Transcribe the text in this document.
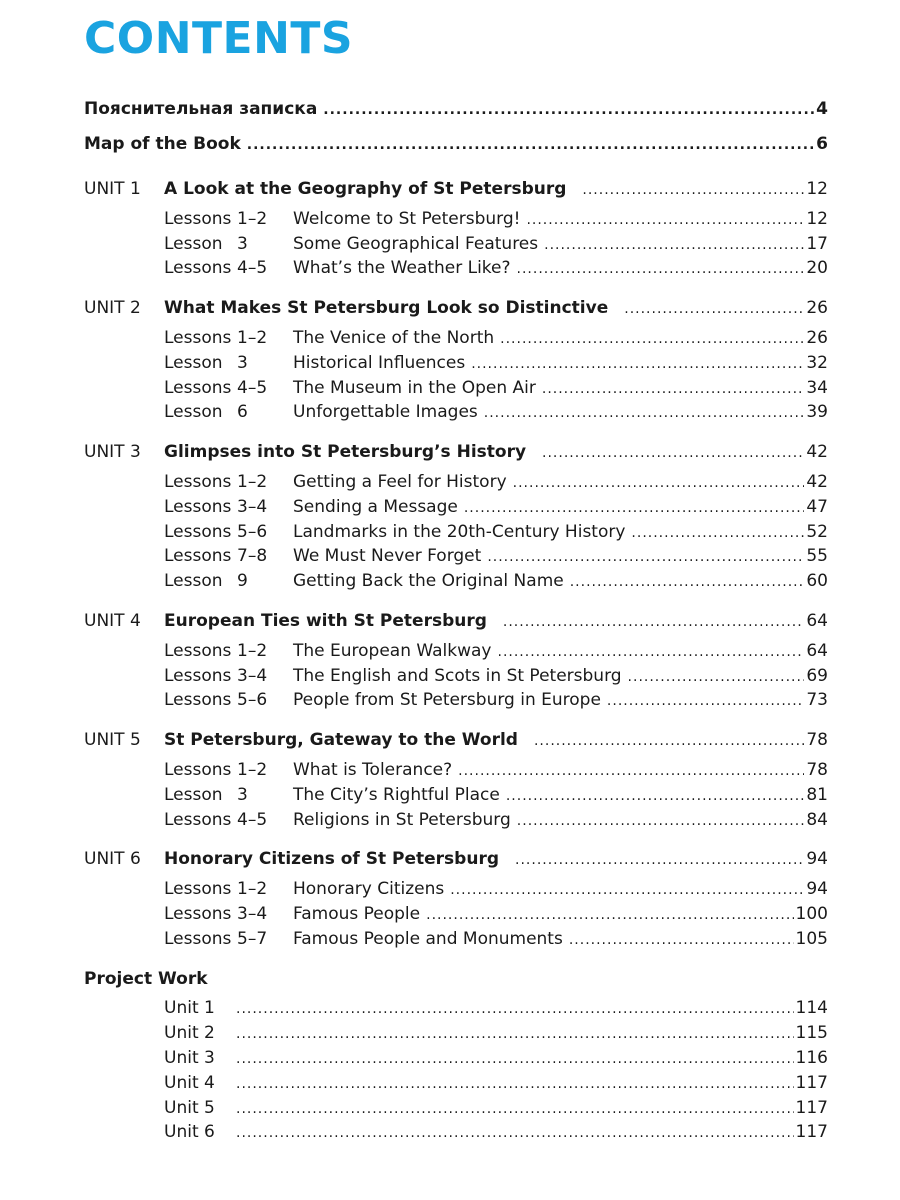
CONTENTS
Пояснительная записка .....	4
Map of the Book .....	6
UNIT 1	A Look at the Geography of St Petersburg .....	12
Lessons 1–2	Welcome to St Petersburg! .....	12
Lesson 3	Some Geographical Features .....	17
Lessons 4–5	What’s the Weather Like? .....	20
UNIT 2	What Makes St Petersburg Look so Distinctive .....	26
Lessons 1–2	The Venice of the North .....	26
Lesson 3	Historical Influences .....	32
Lessons 4–5	The Museum in the Open Air .....	34
Lesson 6	Unforgettable Images .....	39
UNIT 3	Glimpses into St Petersburg’s History .....	42
Lessons 1–2	Getting a Feel for History .....	42
Lessons 3–4	Sending a Message .....	47
Lessons 5–6	Landmarks in the 20th-Century History .....	52
Lessons 7–8	We Must Never Forget .....	55
Lesson 9	Getting Back the Original Name .....	60
UNIT 4	European Ties with St Petersburg .....	64
Lessons 1–2	The European Walkway .....	64
Lessons 3–4	The English and Scots in St Petersburg .....	69
Lessons 5–6	People from St Petersburg in Europe .....	73
UNIT 5	St Petersburg, Gateway to the World .....	78
Lessons 1–2	What is Tolerance? .....	78
Lesson 3	The City’s Rightful Place .....	81
Lessons 4–5	Religions in St Petersburg .....	84
UNIT 6	Honorary Citizens of St Petersburg .....	94
Lessons 1–2	Honorary Citizens .....	94
Lessons 3–4	Famous People .....	100
Lessons 5–7	Famous People and Monuments .....	105
Project Work
Unit 1 .....	114
Unit 2 .....	115
Unit 3 .....	116
Unit 4 .....	117
Unit 5 .....	117
Unit 6 .....	117
